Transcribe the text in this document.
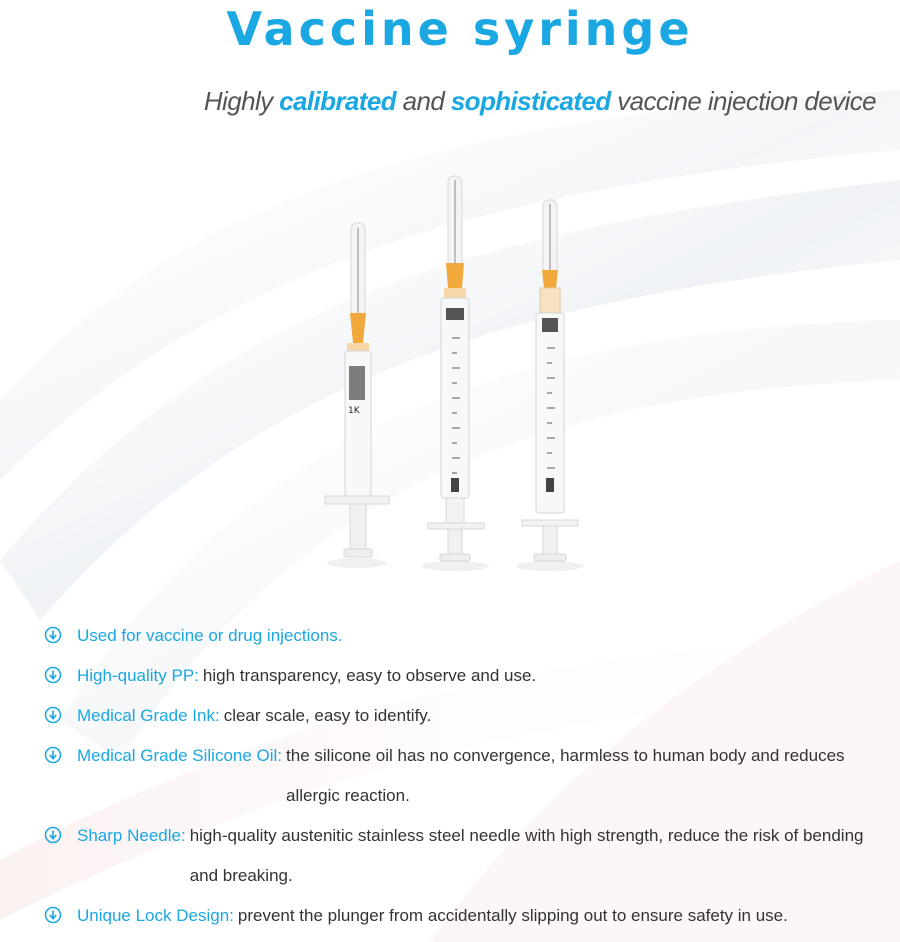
Vaccine syringe

Highly calibrated and sophisticated vaccine injection device

1K
Used for vaccine or drug injections.
High-quality PP: high transparency, easy to observe and use.
Medical Grade Ink: clear scale, easy to identify.
Medical Grade Silicone Oil: the silicone oil has no convergence, harmless to human body and reduces allergic reaction.
Sharp Needle: high-quality austenitic stainless steel needle with high strength, reduce the risk of bending and breaking.
Unique Lock Design: prevent the plunger from accidentally slipping out to ensure safety in use.
